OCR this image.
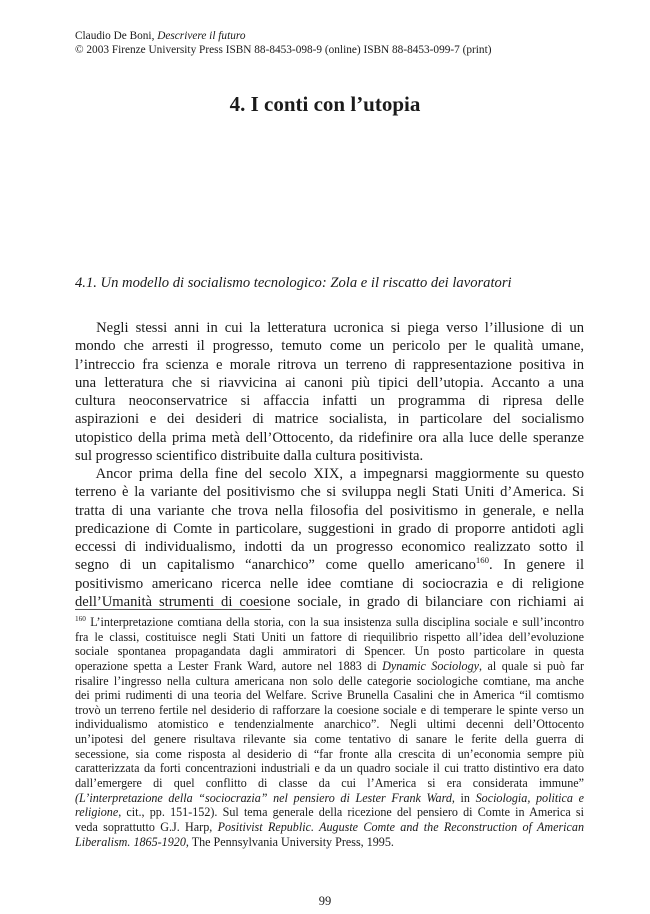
Claudio De Boni, Descrivere il futuro
© 2003 Firenze University Press ISBN 88-8453-098-9 (online) ISBN 88-8453-099-7 (print)
4. I conti con l’utopia
4.1. Un modello di socialismo tecnologico: Zola e il riscatto dei lavoratori
Negli stessi anni in cui la letteratura ucronica si piega verso l’illusione di un
mondo che arresti il progresso, temuto come un pericolo per le qualità umane,
l’intreccio fra scienza e morale ritrova un terreno di rappresentazione positiva in
una letteratura che si riavvicina ai canoni più tipici dell’utopia. Accanto a una
cultura neoconservatrice si affaccia infatti un programma di ripresa delle
aspirazioni e dei desideri di matrice socialista, in particolare del socialismo
utopistico della prima metà dell’Ottocento, da ridefinire ora alla luce delle speranze
sul progresso scientifico distribuite dalla cultura positivista.
Ancor prima della fine del secolo XIX, a impegnarsi maggiormente su questo
terreno è la variante del positivismo che si sviluppa negli Stati Uniti d’America. Si
tratta di una variante che trova nella filosofia del posivitismo in generale, e nella
predicazione di Comte in particolare, suggestioni in grado di proporre antidoti agli
eccessi di individualismo, indotti da un progresso economico realizzato sotto il
segno di un capitalismo “anarchico” come quello americano$^{160}$. In genere il
positivismo americano ricerca nelle idee comtiane di sociocrazia e di religione
dell’Umanità strumenti di coesione sociale, in grado di bilanciare con richiami ai
$^{160}$ L’interpretazione comtiana della storia, con la sua insistenza sulla disciplina sociale e sull’incontro
fra le classi, costituisce negli Stati Uniti un fattore di riequilibrio rispetto all’idea dell’evoluzione
sociale spontanea propagandata dagli ammiratori di Spencer. Un posto particolare in questa
operazione spetta a Lester Frank Ward, autore nel 1883 di Dynamic Sociology, al quale si può far
risalire l’ingresso nella cultura americana non solo delle categorie sociologiche comtiane, ma anche
dei primi rudimenti di una teoria del Welfare. Scrive Brunella Casalini che in America “il comtismo
trovò un terreno fertile nel desiderio di rafforzare la coesione sociale e di temperare le spinte verso un
individualismo atomistico e tendenzialmente anarchico”. Negli ultimi decenni dell’Ottocento
un’ipotesi del genere risultava rilevante sia come tentativo di sanare le ferite della guerra di
secessione, sia come risposta al desiderio di “far fronte alla crescita di un’economia sempre più
caratterizzata da forti concentrazioni industriali e da un quadro sociale il cui tratto distintivo era dato
dall’emergere di quel conflitto di classe da cui l’America si era considerata immune”
(L’interpretazione della “sociocrazia” nel pensiero di Lester Frank Ward, in Sociologia, politica e
religione, cit., pp. 151-152). Sul tema generale della ricezione del pensiero di Comte in America si
veda soprattutto G.J. Harp, Positivist Republic. Auguste Comte and the Reconstruction of American
Liberalism. 1865-1920, The Pennsylvania University Press, 1995.
99
